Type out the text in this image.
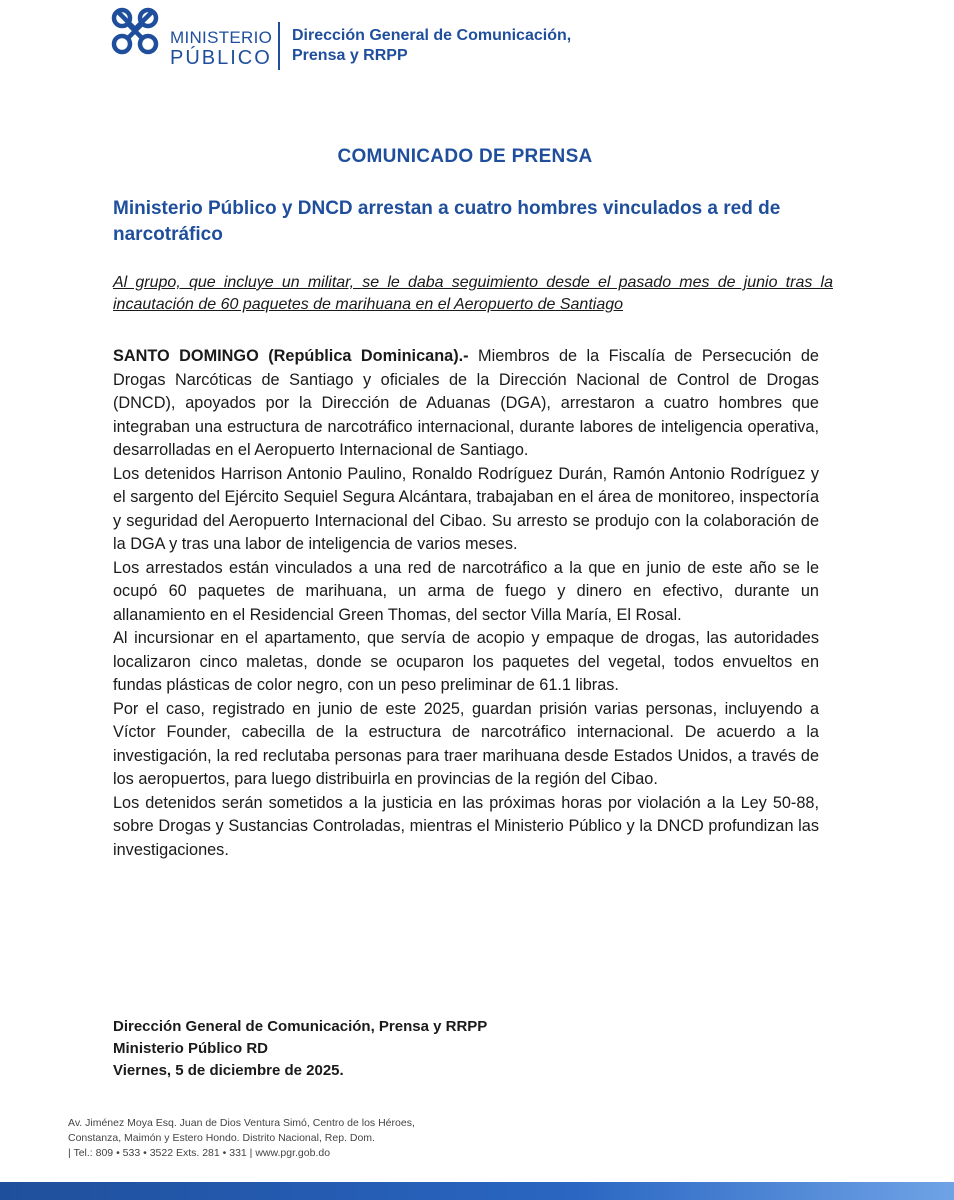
MINISTERIO
PÚBLICO
Dirección General de Comunicación,
Prensa y RRPP
COMUNICADO DE PRENSA
Ministerio Público y DNCD arrestan a cuatro hombres vinculados a red de narcotráfico
Al grupo, que incluye un militar, se le daba seguimiento desde el pasado mes de junio tras la incautación de 60 paquetes de marihuana en el Aeropuerto de Santiago

SANTO DOMINGO (República Dominicana).- Miembros de la Fiscalía de Persecución de Drogas Narcóticas de Santiago y oficiales de la Dirección Nacional de Control de Drogas (DNCD), apoyados por la Dirección de Aduanas (DGA), arrestaron a cuatro hombres que integraban una estructura de narcotráfico internacional, durante labores de inteligencia operativa, desarrolladas en el Aeropuerto Internacional de Santiago.

Los detenidos Harrison Antonio Paulino, Ronaldo Rodríguez Durán, Ramón Antonio Rodríguez y el sargento del Ejército Sequiel Segura Alcántara, trabajaban en el área de monitoreo, inspectoría y seguridad del Aeropuerto Internacional del Cibao. Su arresto se produjo con la colaboración de la DGA y tras una labor de inteligencia de varios meses.

Los arrestados están vinculados a una red de narcotráfico a la que en junio de este año se le ocupó 60 paquetes de marihuana, un arma de fuego y dinero en efectivo, durante un allanamiento en el Residencial Green Thomas, del sector Villa María, El Rosal.

Al incursionar en el apartamento, que servía de acopio y empaque de drogas, las autoridades localizaron cinco maletas, donde se ocuparon los paquetes del vegetal, todos envueltos en fundas plásticas de color negro, con un peso preliminar de 61.1 libras.

Por el caso, registrado en junio de este 2025, guardan prisión varias personas, incluyendo a Víctor Founder, cabecilla de la estructura de narcotráfico internacional. De acuerdo a la investigación, la red reclutaba personas para traer marihuana desde Estados Unidos, a través de los aeropuertos, para luego distribuirla en provincias de la región del Cibao.

Los detenidos serán sometidos a la justicia en las próximas horas por violación a la Ley 50-88, sobre Drogas y Sustancias Controladas, mientras el Ministerio Público y la DNCD profundizan las investigaciones.

Dirección General de Comunicación, Prensa y RRPP
Ministerio Público RD
Viernes, 5 de diciembre de 2025.
Av. Jiménez Moya Esq. Juan de Dios Ventura Simó, Centro de los Héroes,
Constanza, Maimón y Estero Hondo. Distrito Nacional, Rep. Dom.
| Tel.: 809 • 533 • 3522 Exts. 281 • 331 | www.pgr.gob.do
